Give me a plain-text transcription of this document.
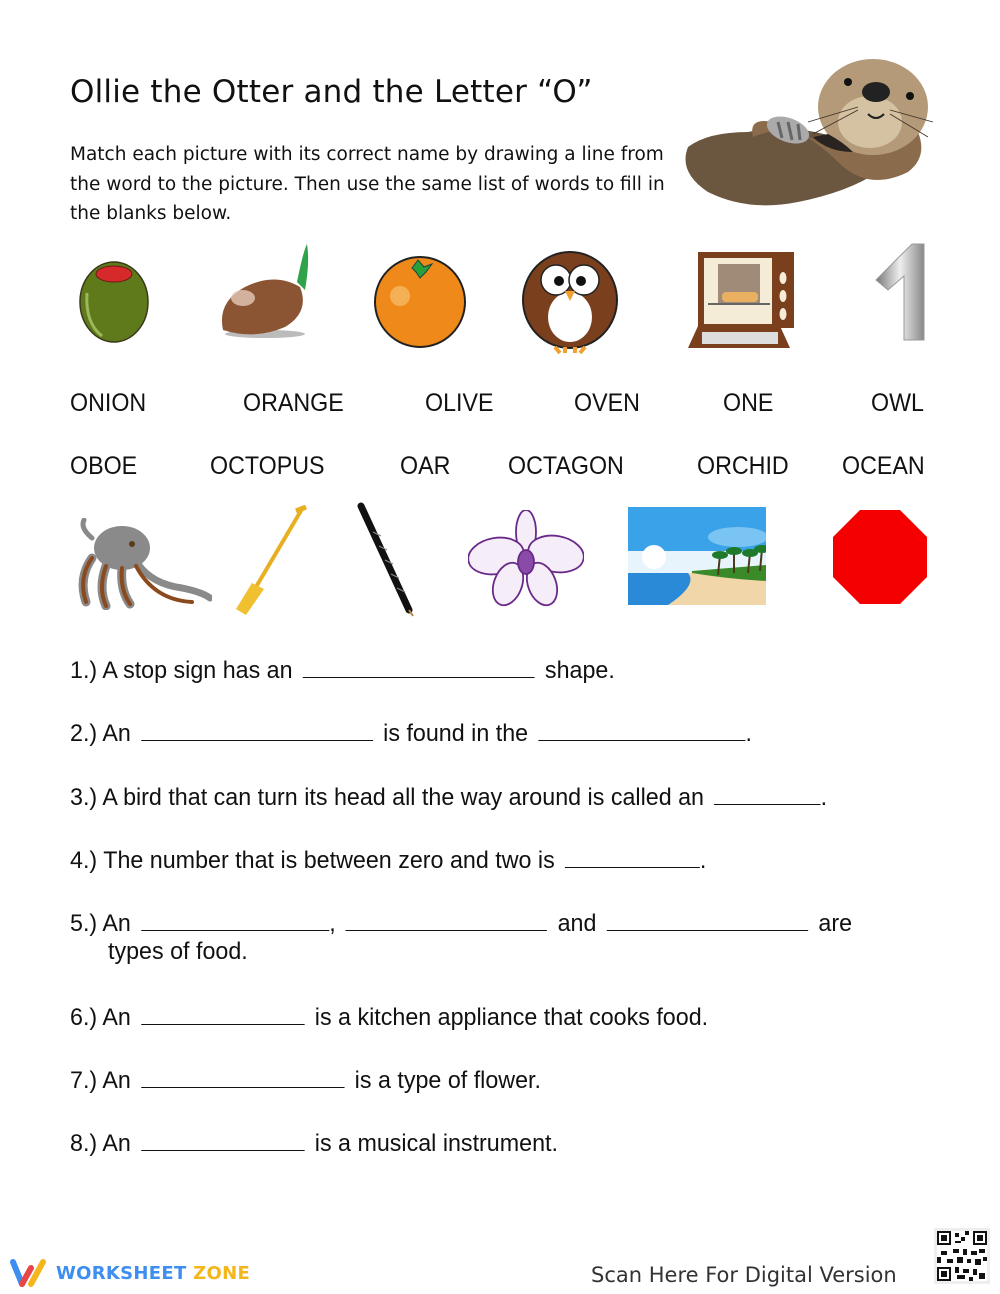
Ollie the Otter and the Letter “O”

Match each picture with its correct name by drawing a line from the word to the picture. Then use the same list of words to fill in the blanks below.

ONION	ORANGE	OLIVE	OVEN	ONE	OWL
OBOE	OCTOPUS	OAR OCTAGON	ORCHID OCEAN
1.) A stop sign has an	shape.
2.) An	is found in the	.
3.) A bird that can turn its head all the way around is called an	.
4.) The number that is between zero and two is	.
5.) An	,	and	are
types of food.
6.) An	is a kitchen appliance that cooks food.
7.) An	is a type of flower.
8.) An	is a musical instrument.
WORKSHEET ZONE	Scan Here For Digital Version
